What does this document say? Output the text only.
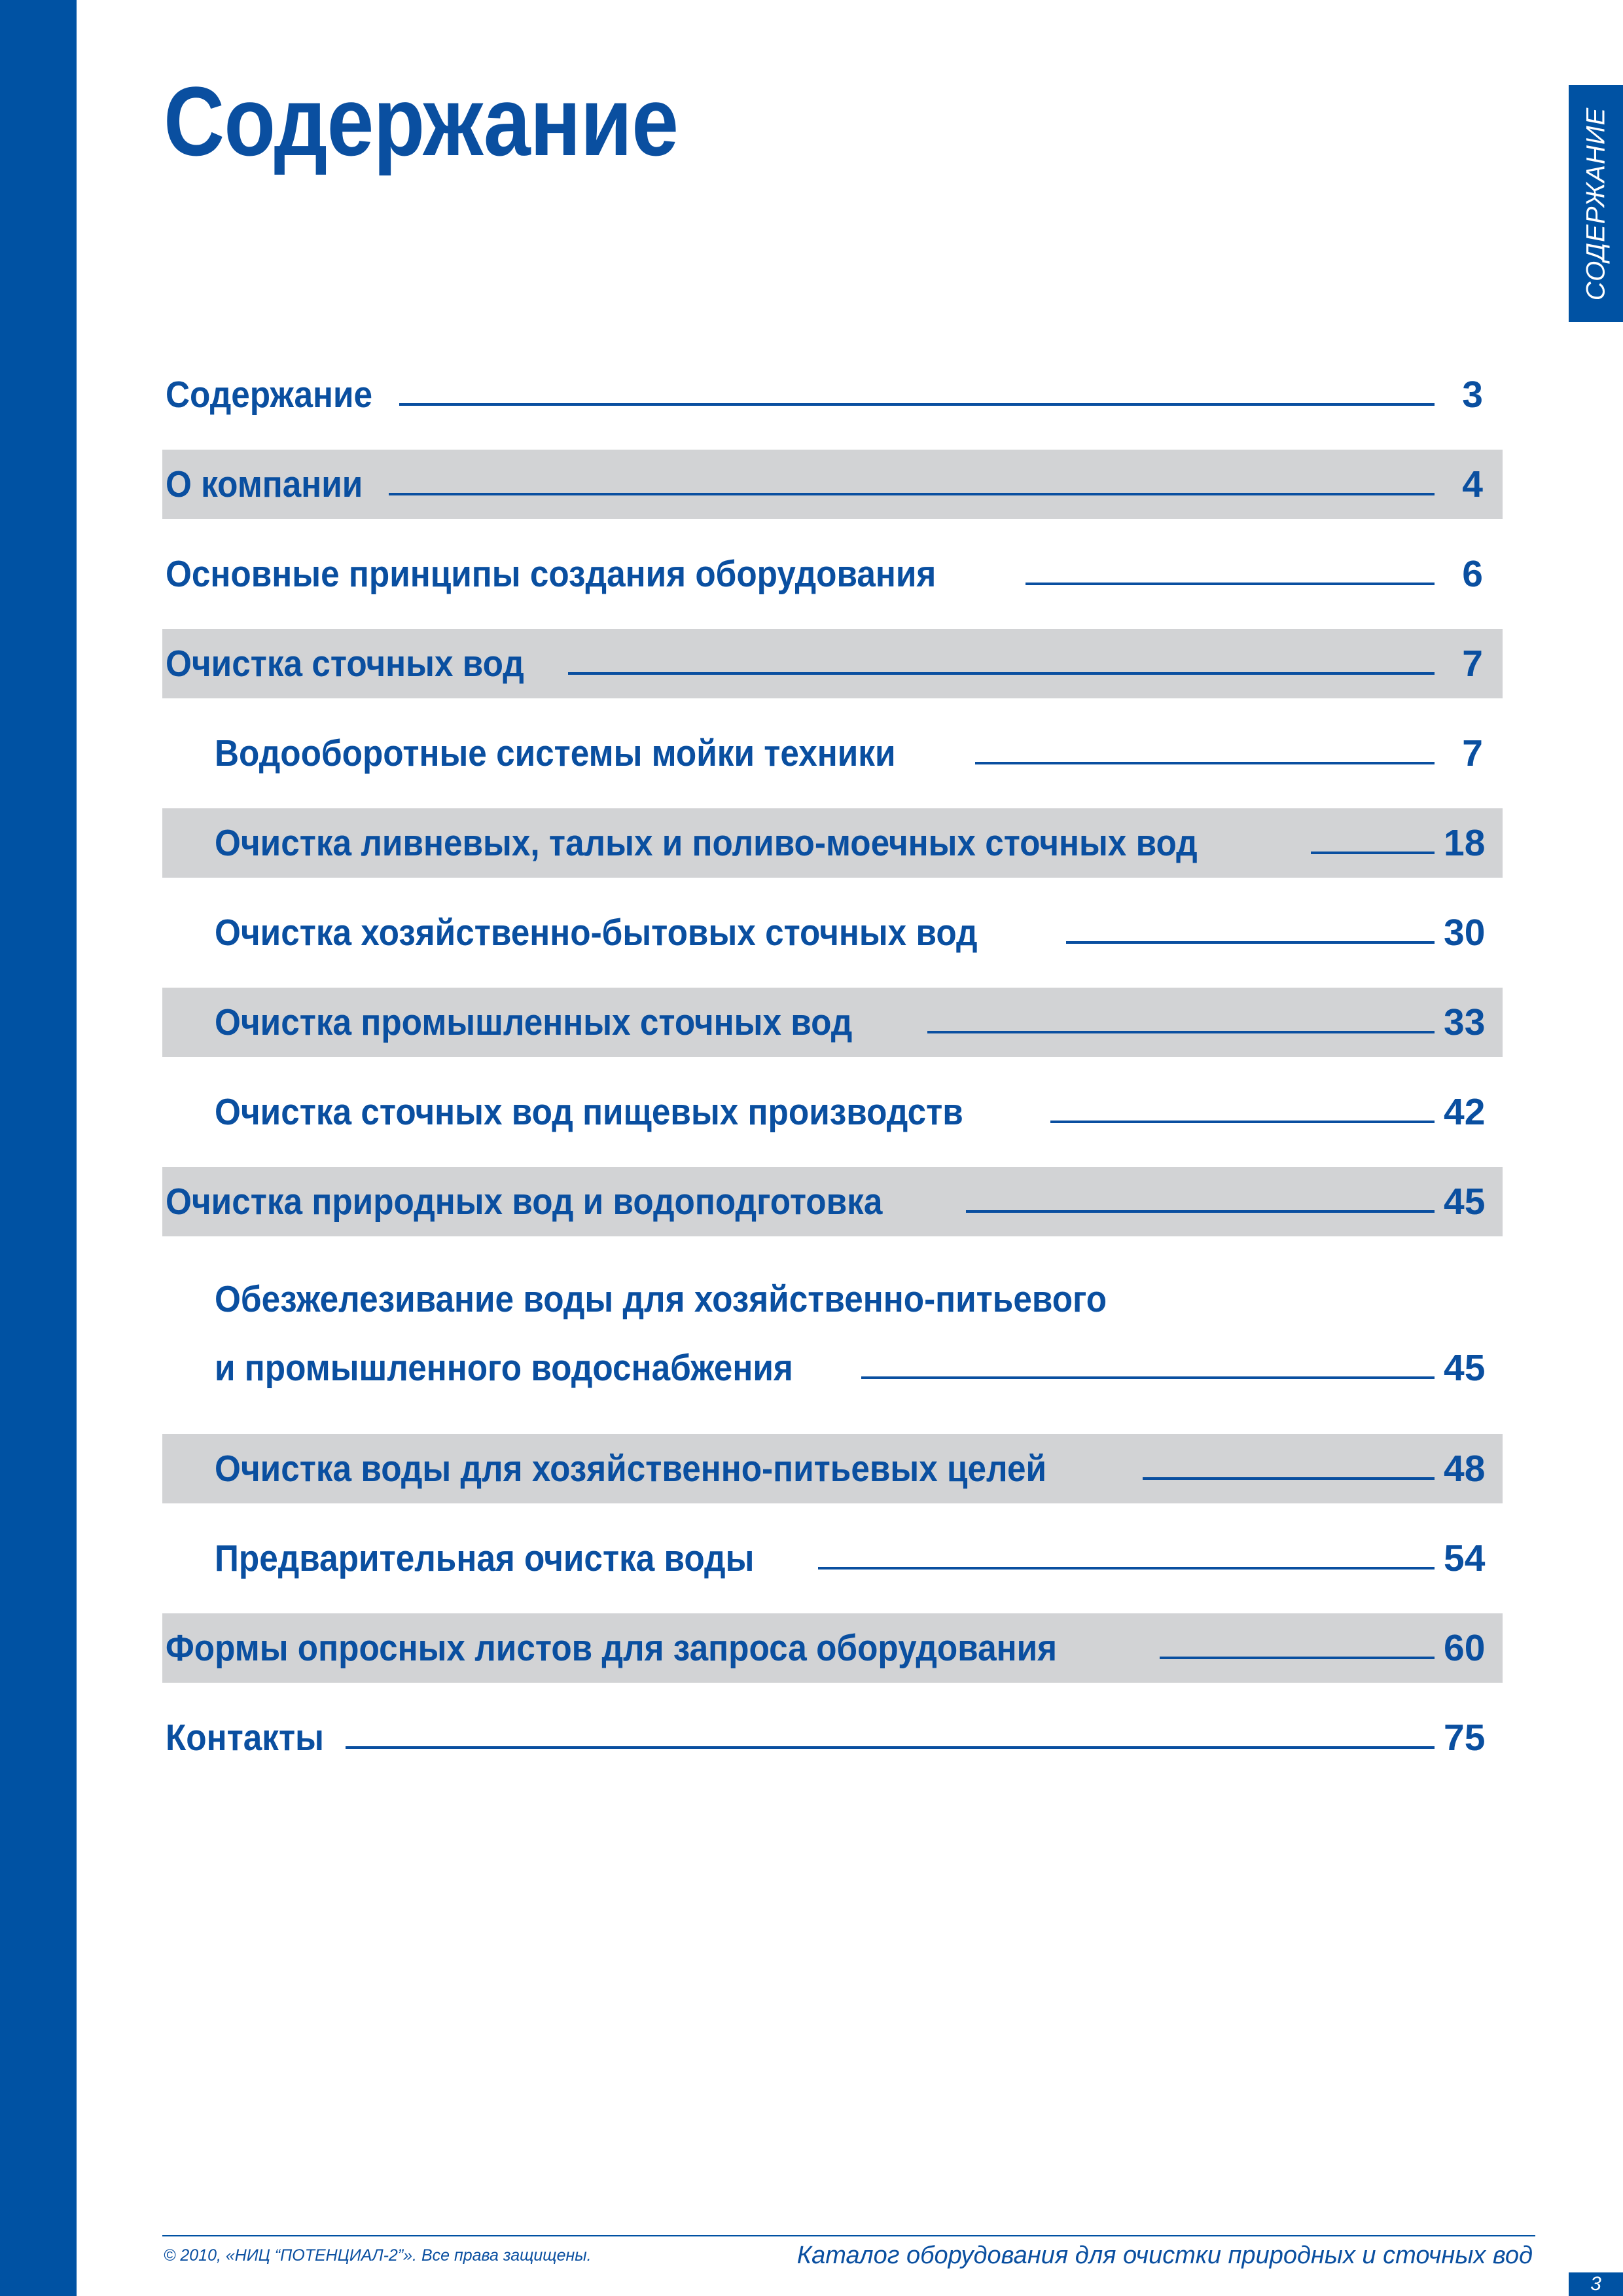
СОДЕРЖАНИЕ
Содержание
Содержание	3
О компании	4
Основные принципы создания оборудования	6
Очистка сточных вод	7
Водооборотные системы мойки техники	7
Очистка ливневых, талых и поливо-моечных сточных вод	18
Очистка хозяйственно-бытовых сточных вод	30
Очистка промышленных сточных вод	33
Очистка сточных вод пищевых производств	42
Очистка природных вод и водоподготовка	45
Обезжелезивание воды для хозяйственно-питьевого
и промышленного водоснабжения	45
Очистка воды для хозяйственно-питьевых целей	48
Предварительная очистка воды	54
Формы опросных листов для запроса оборудования	60
Контакты	75
© 2010, «НИЦ “ПОТЕНЦИАЛ-2”». Все права защищены.	Каталог оборудования для очистки природных и сточных вод
3
